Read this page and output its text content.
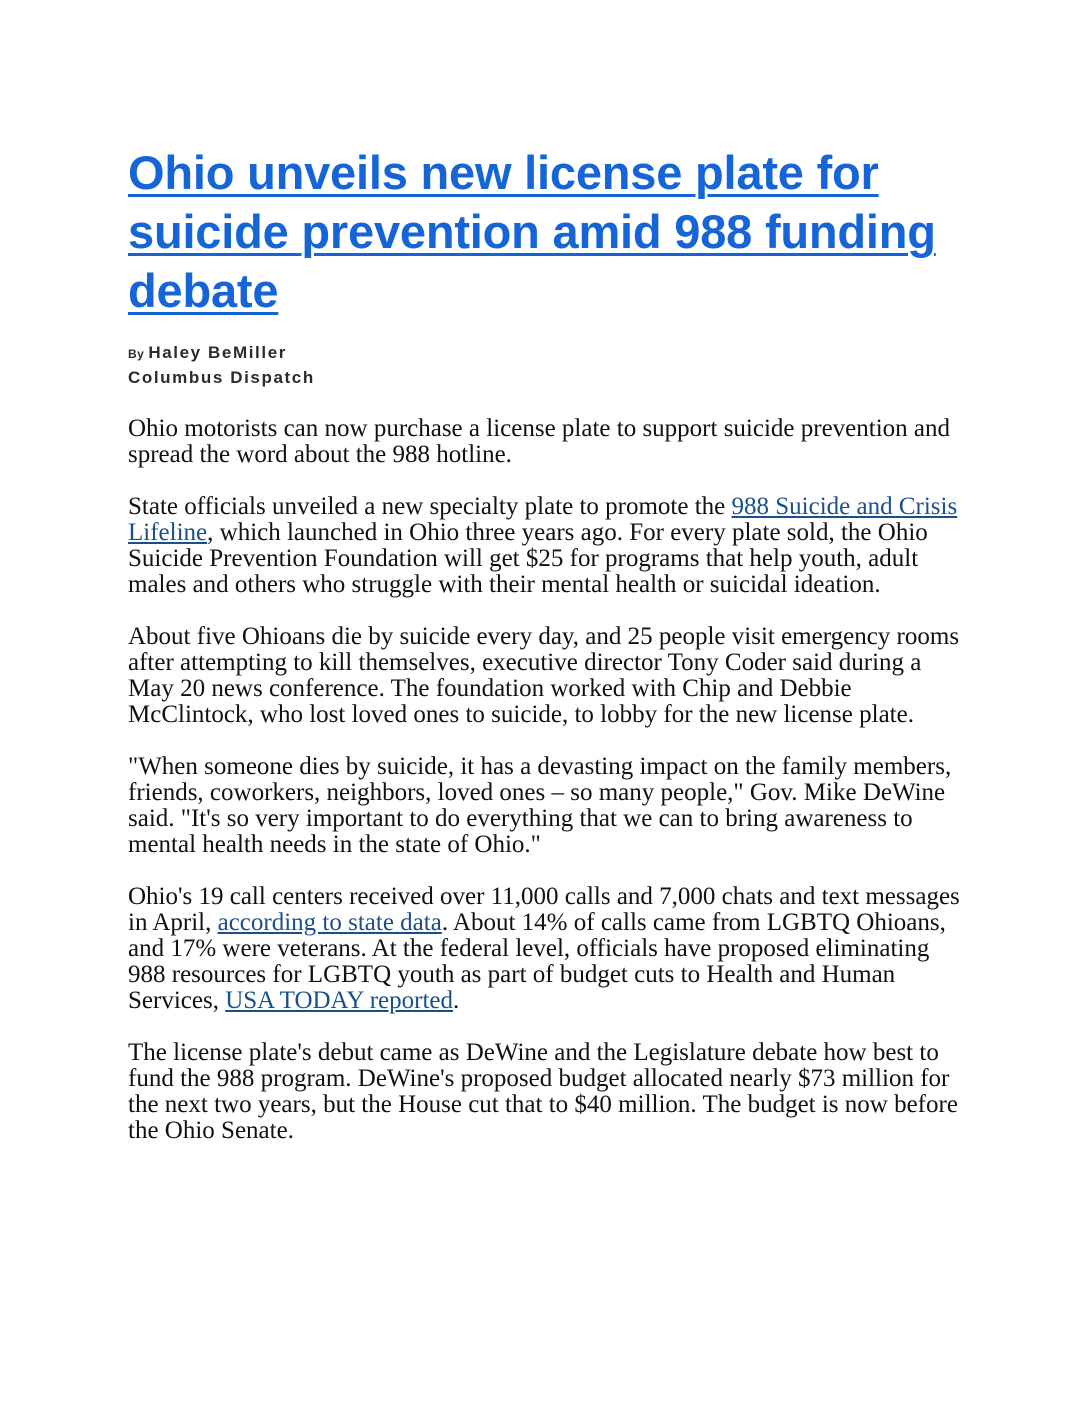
Ohio unveils new license plate for suicide prevention amid 988 funding debate
By Haley BeMiller
Columbus Dispatch

Ohio motorists can now purchase a license plate to support suicide prevention and spread the word about the 988 hotline.

State officials unveiled a new specialty plate to promote the 988 Suicide and Crisis Lifeline, which launched in Ohio three years ago. For every plate sold, the Ohio Suicide Prevention Foundation will get $25 for programs that help youth, adult males and others who struggle with their mental health or suicidal ideation.

About five Ohioans die by suicide every day, and 25 people visit emergency rooms after attempting to kill themselves, executive director Tony Coder said during a May 20 news conference. The foundation worked with Chip and Debbie McClintock, who lost loved ones to suicide, to lobby for the new license plate.

"When someone dies by suicide, it has a devasting impact on the family members, friends, coworkers, neighbors, loved ones – so many people," Gov. Mike DeWine said. "It's so very important to do everything that we can to bring awareness to mental health needs in the state of Ohio."

Ohio's 19 call centers received over 11,000 calls and 7,000 chats and text messages in April, according to state data. About 14% of calls came from LGBTQ Ohioans, and 17% were veterans. At the federal level, officials have proposed eliminating 988 resources for LGBTQ youth as part of budget cuts to Health and Human Services, USA TODAY reported.

The license plate's debut came as DeWine and the Legislature debate how best to fund the 988 program. DeWine's proposed budget allocated nearly $73 million for the next two years, but the House cut that to $40 million. The budget is now before the Ohio Senate.
